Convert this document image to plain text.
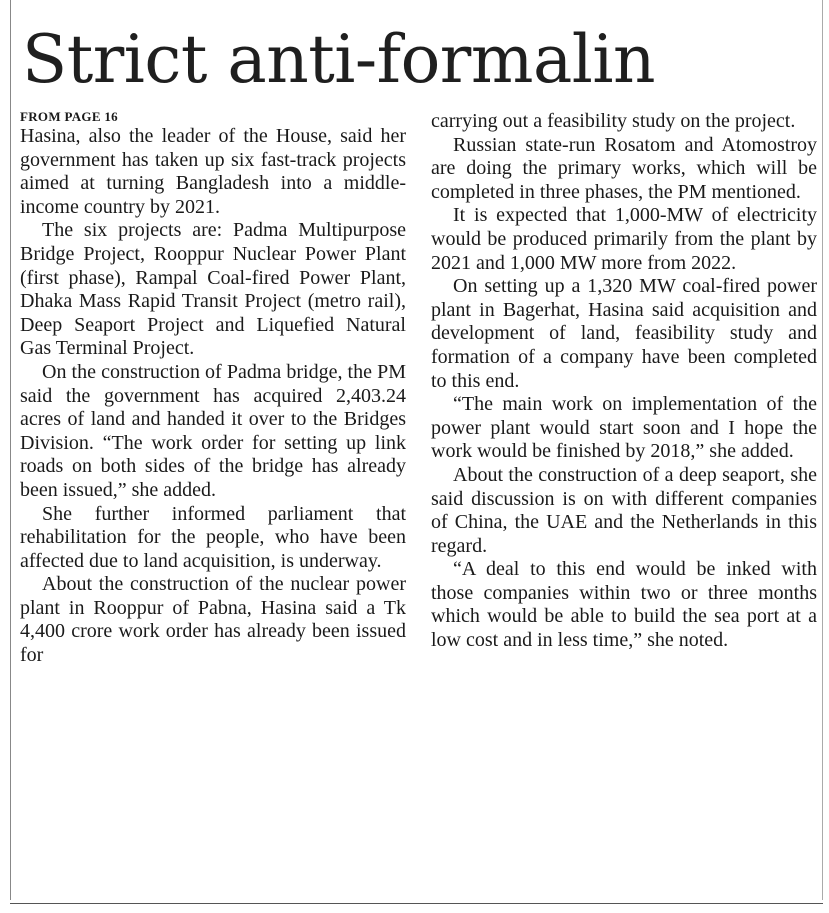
Strict anti-formalin

FROM PAGE 16

Hasina, also the leader of the House, said her government has taken up six fast-track projects aimed at turning Bangladesh into a middle-income country by 2021.

The six projects are: Padma Multipurpose Bridge Project, Rooppur Nuclear Power Plant (first phase), Rampal Coal-fired Power Plant, Dhaka Mass Rapid Transit Project (metro rail), Deep Seaport Project and Liquefied Natural Gas Terminal Project.

On the construction of Padma bridge, the PM said the government has acquired 2,403.24 acres of land and handed it over to the Bridges Division. “The work order for setting up link roads on both sides of the bridge has already been issued,” she added.

She further informed parliament that rehabilitation for the people, who have been affected due to land acquisition, is underway.

About the construction of the nuclear power plant in Rooppur of Pabna, Hasina said a Tk 4,400 crore work order has already been issued for

carrying out a feasibility study on the project.

Russian state-run Rosatom and Atomostroy are doing the primary works, which will be completed in three phases, the PM mentioned.

It is expected that 1,000-MW of electricity would be produced primarily from the plant by 2021 and 1,000 MW more from 2022.

On setting up a 1,320 MW coal-fired power plant in Bagerhat, Hasina said acquisition and development of land, feasibility study and formation of a company have been completed to this end.

“The main work on implementation of the power plant would start soon and I hope the work would be finished by 2018,” she added.

About the construction of a deep seaport, she said discussion is on with different companies of China, the UAE and the Netherlands in this regard.

“A deal to this end would be inked with those companies within two or three months which would be able to build the sea port at a low cost and in less time,” she noted.
